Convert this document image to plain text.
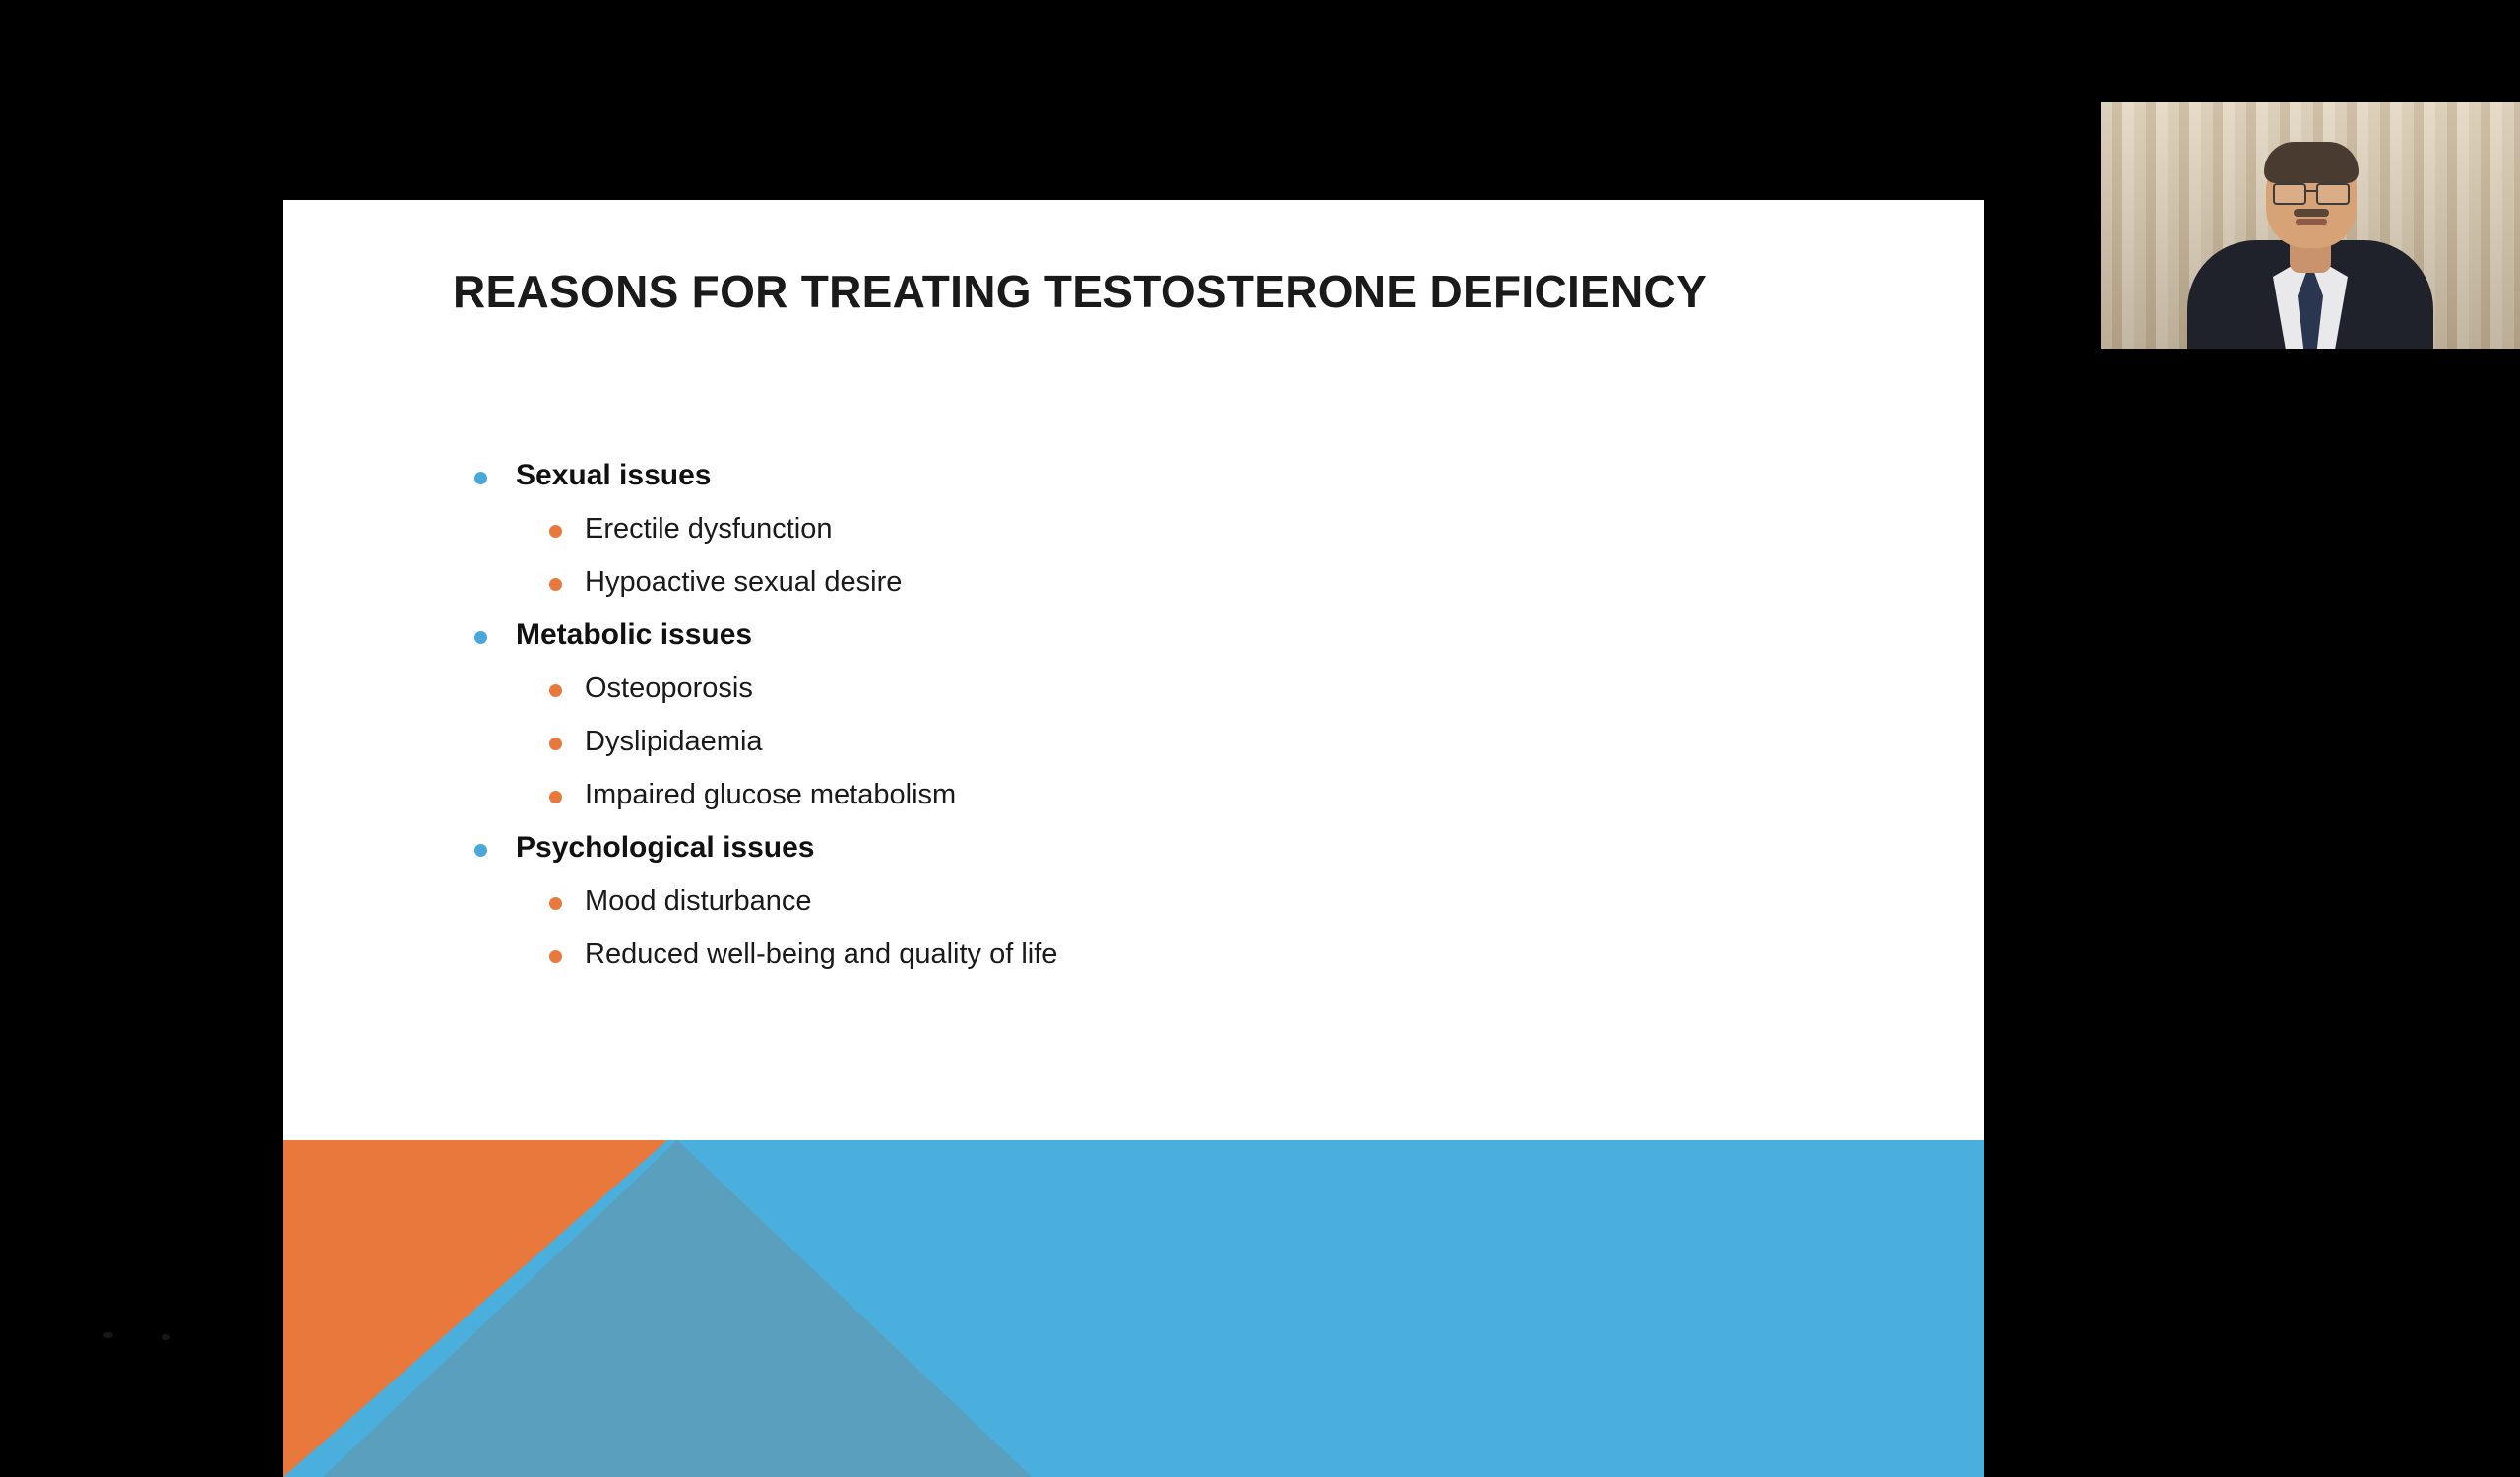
REASONS FOR TREATING TESTOSTERONE DEFICIENCY
Sexual issues
Erectile dysfunction
Hypoactive sexual desire
Metabolic issues
Osteoporosis
Dyslipidaemia
Impaired glucose metabolism
Psychological issues
Mood disturbance
Reduced well-being and quality of life
